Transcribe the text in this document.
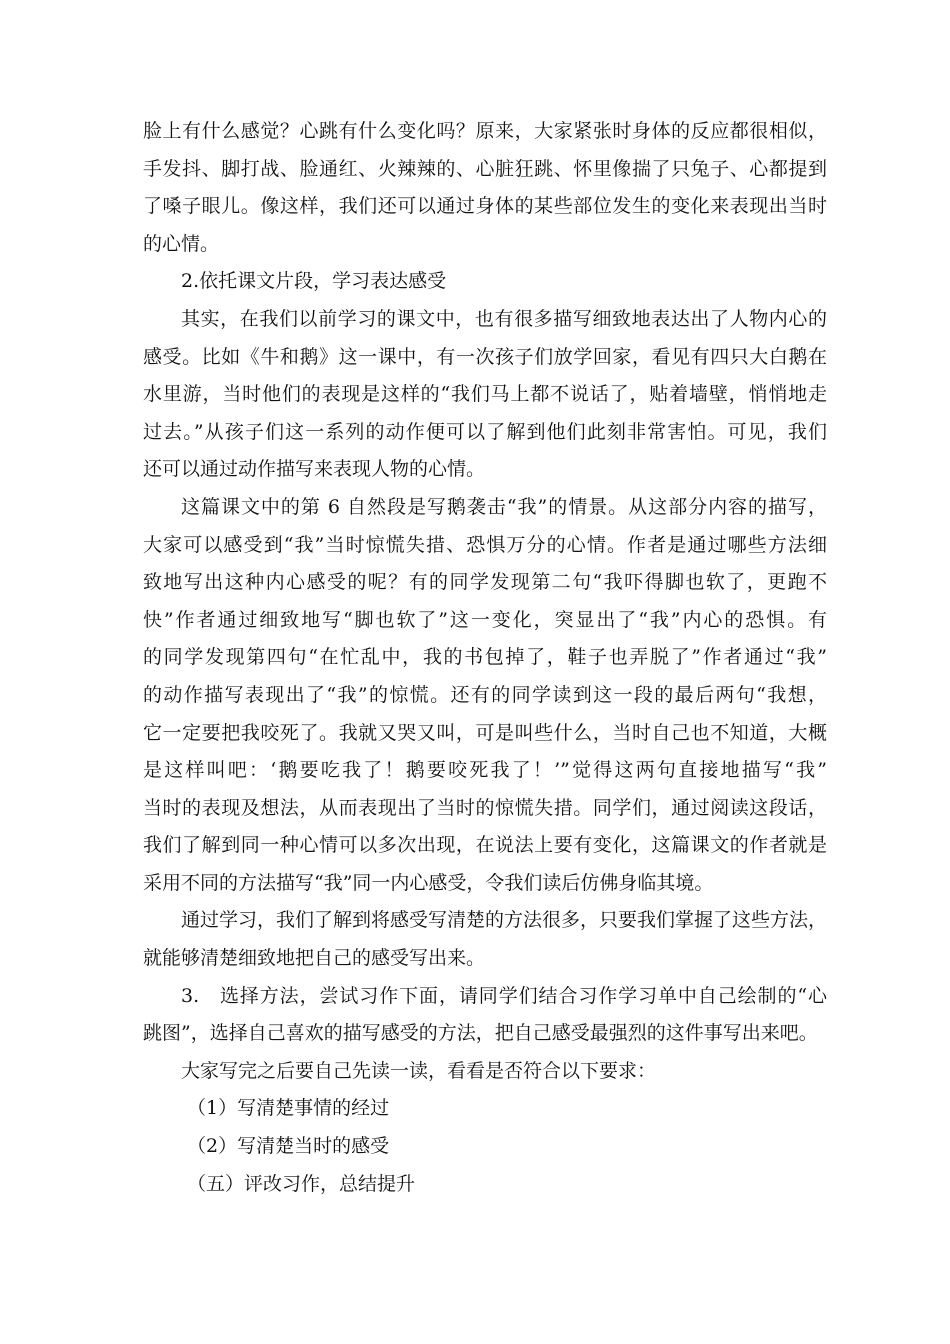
脸上有什么感觉？心跳有什么变化吗？原来，大家紧张时身体的反应都很相似，
手发抖、脚打战、脸通红、火辣辣的、心脏狂跳、怀里像揣了只兔子、心都提到
了嗓子眼儿。像这样，我们还可以通过身体的某些部位发生的变化来表现出当时
的心情。

2.依托课文片段，学习表达感受

其实，在我们以前学习的课文中，也有很多描写细致地表达出了人物内心的
感受。比如《牛和鹅》这一课中，有一次孩子们放学回家，看见有四只大白鹅在
水里游，当时他们的表现是这样的“我们马上都不说话了，贴着墙壁，悄悄地走
过去。”从孩子们这一系列的动作便可以了解到他们此刻非常害怕。可见，我们
还可以通过动作描写来表现人物的心情。

这篇课文中的第 6 自然段是写鹅袭击“我”的情景。从这部分内容的描写，
大家可以感受到“我”当时惊慌失措、恐惧万分的心情。作者是通过哪些方法细
致地写出这种内心感受的呢？有的同学发现第二句“我吓得脚也软了，更跑不
快”作者通过细致地写“脚也软了”这一变化，突显出了“我”内心的恐惧。有
的同学发现第四句“在忙乱中，我的书包掉了，鞋子也弄脱了”作者通过“我”
的动作描写表现出了“我”的惊慌。还有的同学读到这一段的最后两句“我想，
它一定要把我咬死了。我就又哭又叫，可是叫些什么，当时自己也不知道，大概
是这样叫吧：‘鹅要吃我了！鹅要咬死我了！’”觉得这两句直接地描写“我”
当时的表现及想法，从而表现出了当时的惊慌失措。同学们，通过阅读这段话，
我们了解到同一种心情可以多次出现，在说法上要有变化，这篇课文的作者就是
采用不同的方法描写“我”同一内心感受，令我们读后仿佛身临其境。

通过学习，我们了解到将感受写清楚的方法很多，只要我们掌握了这些方法，
就能够清楚细致地把自己的感受写出来。

3.　选择方法，尝试习作下面，请同学们结合习作学习单中自己绘制的“心
跳图”，选择自己喜欢的描写感受的方法，把自己感受最强烈的这件事写出来吧。

大家写完之后要自己先读一读，看看是否符合以下要求：

（1）写清楚事情的经过

（2）写清楚当时的感受

（五）评改习作，总结提升
